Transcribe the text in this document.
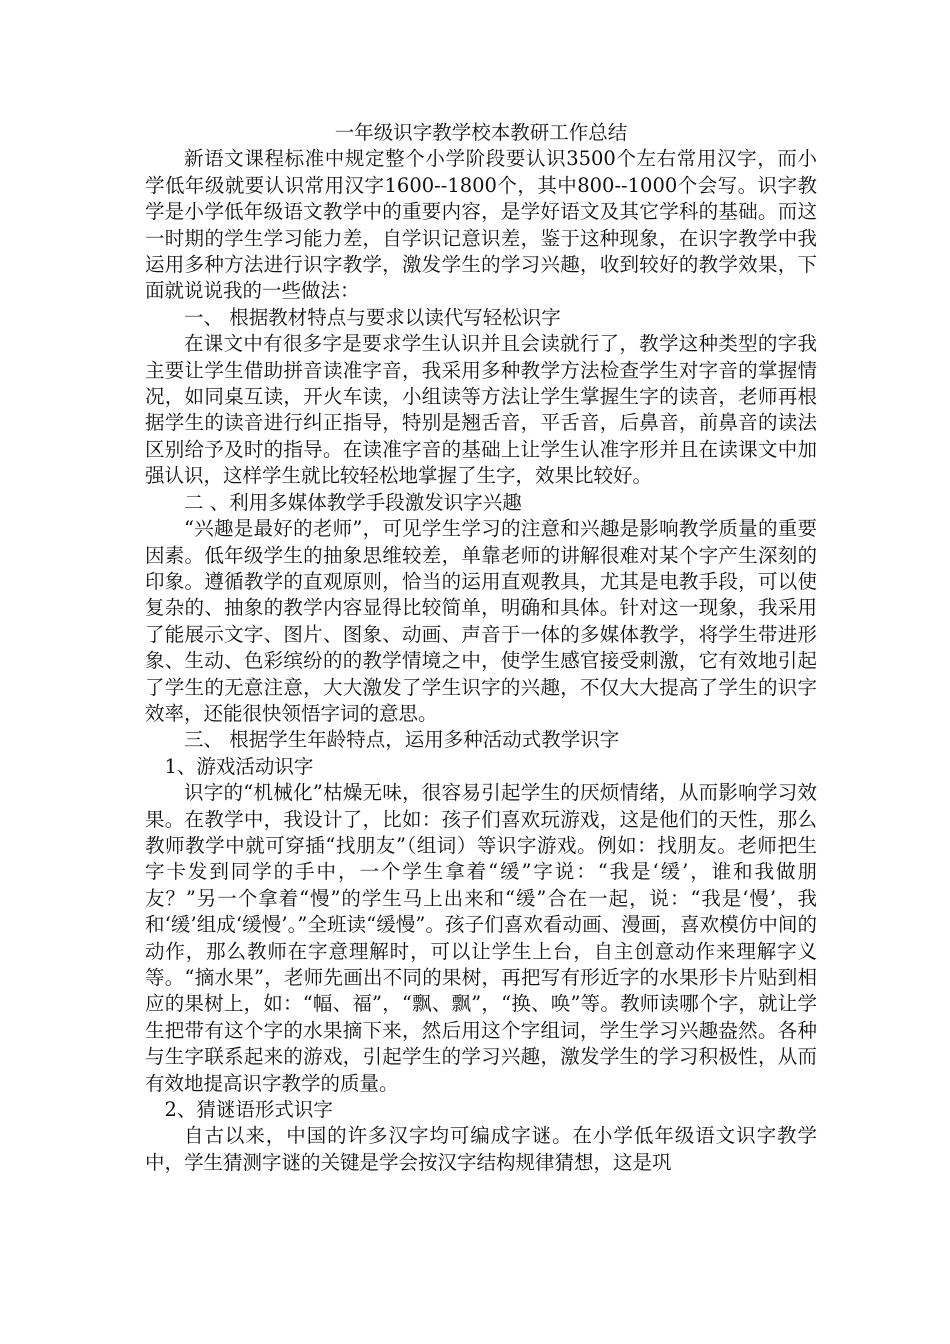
一年级识字教学校本教研工作总结

新语文课程标准中规定整个小学阶段要认识3500个左右常用汉字，而小学低年级就要认识常用汉字1600--1800个，其中800--1000个会写。识字教学是小学低年级语文教学中的重要内容，是学好语文及其它学科的基础。而这一时期的学生学习能力差，自学识记意识差，鉴于这种现象，在识字教学中我运用多种方法进行识字教学，激发学生的学习兴趣，收到较好的教学效果，下面就说说我的一些做法：

一、 根据教材特点与要求以读代写轻松识字

在课文中有很多字是要求学生认识并且会读就行了，教学这种类型的字我主要让学生借助拼音读准字音，我采用多种教学方法检查学生对字音的掌握情况，如同桌互读，开火车读，小组读等方法让学生掌握生字的读音，老师再根据学生的读音进行纠正指导，特别是翘舌音，平舌音，后鼻音，前鼻音的读法区别给予及时的指导。在读准字音的基础上让学生认准字形并且在读课文中加强认识，这样学生就比较轻松地掌握了生字，效果比较好。

二 、利用多媒体教学手段激发识字兴趣

“兴趣是最好的老师”，可见学生学习的注意和兴趣是影响教学质量的重要因素。低年级学生的抽象思维较差，单靠老师的讲解很难对某个字产生深刻的印象。遵循教学的直观原则，恰当的运用直观教具，尤其是电教手段，可以使复杂的、抽象的教学内容显得比较简单，明确和具体。针对这一现象，我采用了能展示文字、图片、图象、动画、声音于一体的多媒体教学，将学生带进形象、生动、色彩缤纷的的教学情境之中，使学生感官接受刺激，它有效地引起了学生的无意注意，大大激发了学生识字的兴趣，不仅大大提高了学生的识字效率，还能很快领悟字词的意思。

三、 根据学生年龄特点，运用多种活动式教学识字

1、游戏活动识字

识字的“机械化”枯燥无味，很容易引起学生的厌烦情绪，从而影响学习效果。在教学中，我设计了，比如：孩子们喜欢玩游戏，这是他们的天性，那么教师教学中就可穿插“找朋友”（组词）等识字游戏。例如：找朋友。老师把生字卡发到同学的手中，一个学生拿着“缓”字说：“我是‘缓’，谁和我做朋友？”另一个拿着“慢”的学生马上出来和“缓”合在一起，说：“我是‘慢’，我和‘缓’组成‘缓慢’。”全班读“缓慢”。孩子们喜欢看动画、漫画，喜欢模仿中间的动作，那么教师在字意理解时，可以让学生上台，自主创意动作来理解字义等。“摘水果”，老师先画出不同的果树，再把写有形近字的水果形卡片贴到相应的果树上，如：“幅、福”，“飘、飘”，“换、唤”等。教师读哪个字，就让学生把带有这个字的水果摘下来，然后用这个字组词，学生学习兴趣盎然。各种与生字联系起来的游戏，引起学生的学习兴趣，激发学生的学习积极性，从而有效地提高识字教学的质量。

2、猜谜语形式识字

自古以来，中国的许多汉字均可编成字谜。在小学低年级语文识字教学中，学生猜测字谜的关键是学会按汉字结构规律猜想，这是巩
